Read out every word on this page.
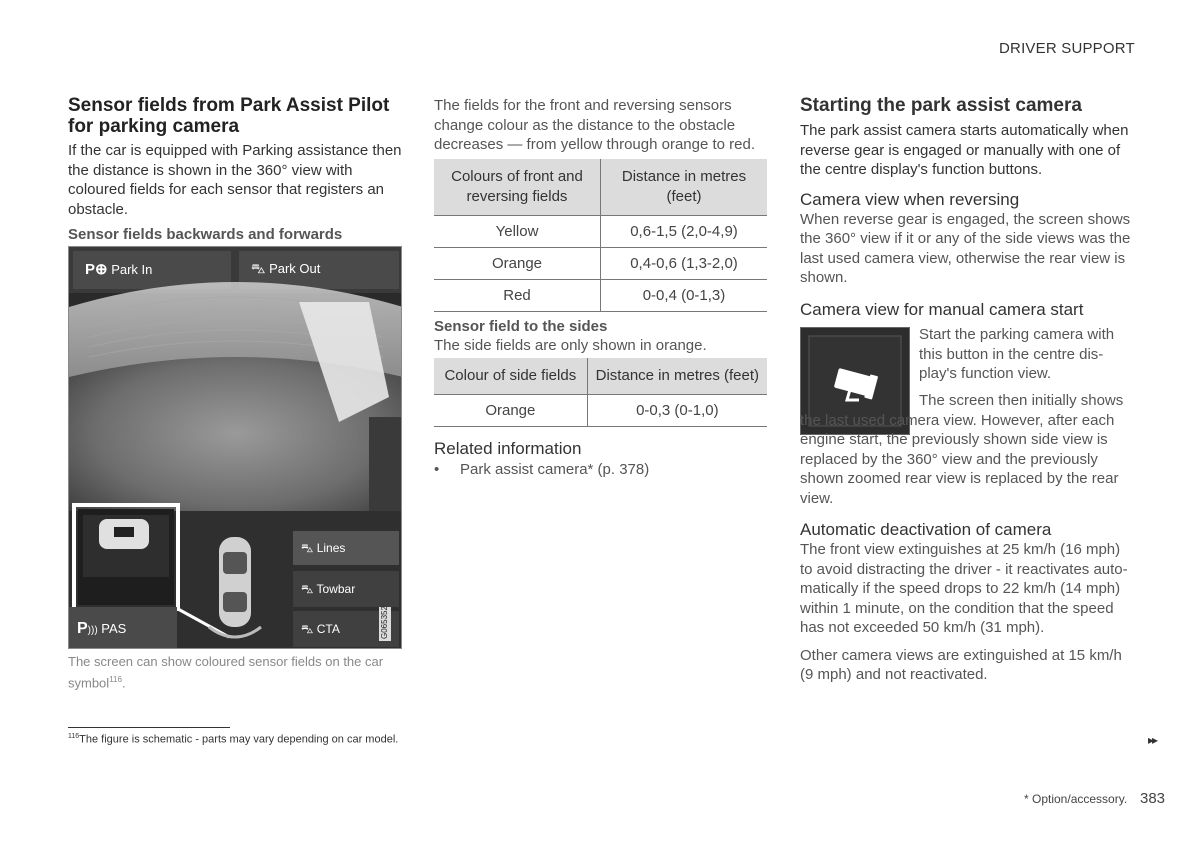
DRIVER SUPPORT
Sensor fields from Park Assist Pilot for parking camera
If the car is equipped with Parking assistance then the distance is shown in the 360° view with coloured fields for each sensor that registers an obstacle.
Sensor fields backwards and forwards
P⊕ Park In	⛍ Park Out
⛍ Lines
⛍ Towbar
⛍ CTA
P))) PAS	G065352
The screen can show coloured sensor fields on the car symbol$^{116}$.
$^{116}$The figure is schematic - parts may vary depending on car model.
The fields for the front and reversing sensors change colour as the distance to the obstacle decreases — from yellow through orange to red.
Colours of front and reversing fields	Distance in metres (feet)
Yellow	0,6-1,5 (2,0-4,9)
Orange	0,4-0,6 (1,3-2,0)
Red	0-0,4 (0-1,3)
Sensor field to the sides
The side fields are only shown in orange.
Colour of side fields	Distance in metres (feet)
Orange	0-0,3 (0-1,0)
Related information
• Park assist camera* (p. 378)
Starting the park assist camera
The park assist camera starts automatically when reverse gear is engaged or manually with one of the centre display's function buttons.
Camera view when reversing
When reverse gear is engaged, the screen shows the 360° view if it or any of the side views was the last used camera view, otherwise the rear view is shown.
Camera view for manual camera start
Start the parking camera with this button in the centre dis-play's function view.
The screen then initially shows the last used camera view. However, after each engine start, the previously shown side view is replaced by the 360° view and the previously shown zoomed rear view is replaced by the rear view.
Automatic deactivation of camera
The front view extinguishes at 25 km/h (16 mph) to avoid distracting the driver - it reactivates auto-matically if the speed drops to 22 km/h (14 mph) within 1 minute, on the condition that the speed has not exceeded 50 km/h (31 mph).
Other camera views are extinguished at 15 km/h (9 mph) and not reactivated.
▸▸
* Option/accessory. 383
